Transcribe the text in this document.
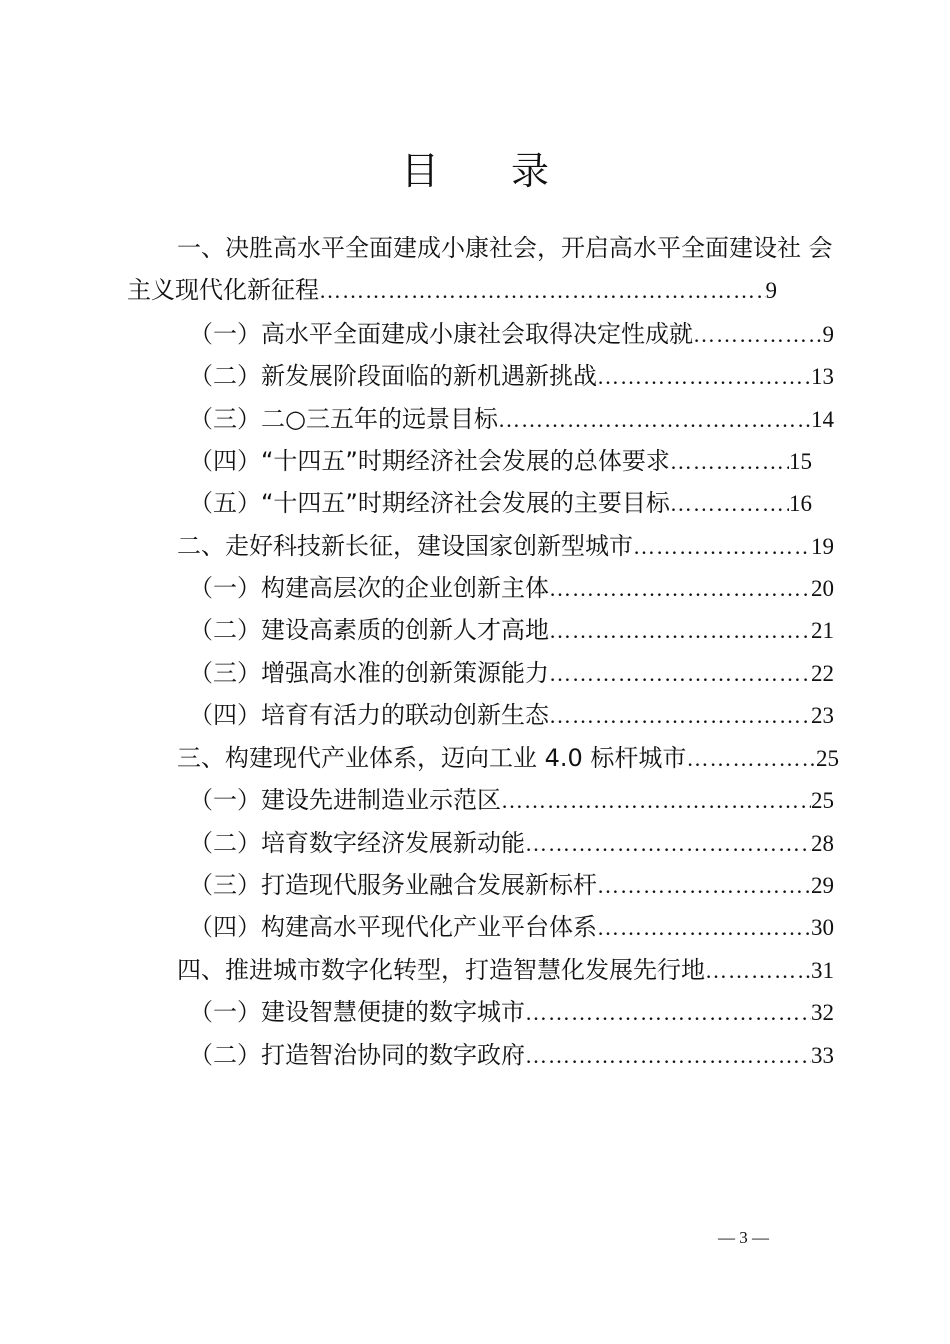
目 录
一、决胜高水平全面建成小康社会，开启高水平全面建设社 会
主义现代化新征程 ……………………………………………………………………………………………………………………………………………	9
（一）高水平全面建成小康社会取得决定性成就 ……………………………………………………………………………………………………………………………………………	9
（二）新发展阶段面临的新机遇新挑战 ……………………………………………………………………………………………………………………………………………	13
（三）二○三五年的远景目标 ……………………………………………………………………………………………………………………………………………	14
（四）“十四五”时期经济社会发展的总体要求 ……………………………………………………………………………………………………………………………………………	15
（五）“十四五”时期经济社会发展的主要目标 ……………………………………………………………………………………………………………………………………………	16
二、走好科技新长征，建设国家创新型城市 ……………………………………………………………………………………………………………………………………………	19
（一）构建高层次的企业创新主体 ……………………………………………………………………………………………………………………………………………	20
（二）建设高素质的创新人才高地 ……………………………………………………………………………………………………………………………………………	21
（三）增强高水准的创新策源能力 ……………………………………………………………………………………………………………………………………………	22
（四）培育有活力的联动创新生态 ……………………………………………………………………………………………………………………………………………	23
三、构建现代产业体系，迈向工业 4.0 标杆城市 ……………………………………………………………………………………………………………………………………………	25
（一）建设先进制造业示范区 ……………………………………………………………………………………………………………………………………………	25
（二）培育数字经济发展新动能 ……………………………………………………………………………………………………………………………………………	28
（三）打造现代服务业融合发展新标杆 ……………………………………………………………………………………………………………………………………………	29
（四）构建高水平现代化产业平台体系 ……………………………………………………………………………………………………………………………………………	30
四、推进城市数字化转型，打造智慧化发展先行地 ……………………………………………………………………………………………………………………………………………	31
（一）建设智慧便捷的数字城市 ……………………………………………………………………………………………………………………………………………	32
（二）打造智治协同的数字政府 ……………………………………………………………………………………………………………………………………………	33
— 3 —
